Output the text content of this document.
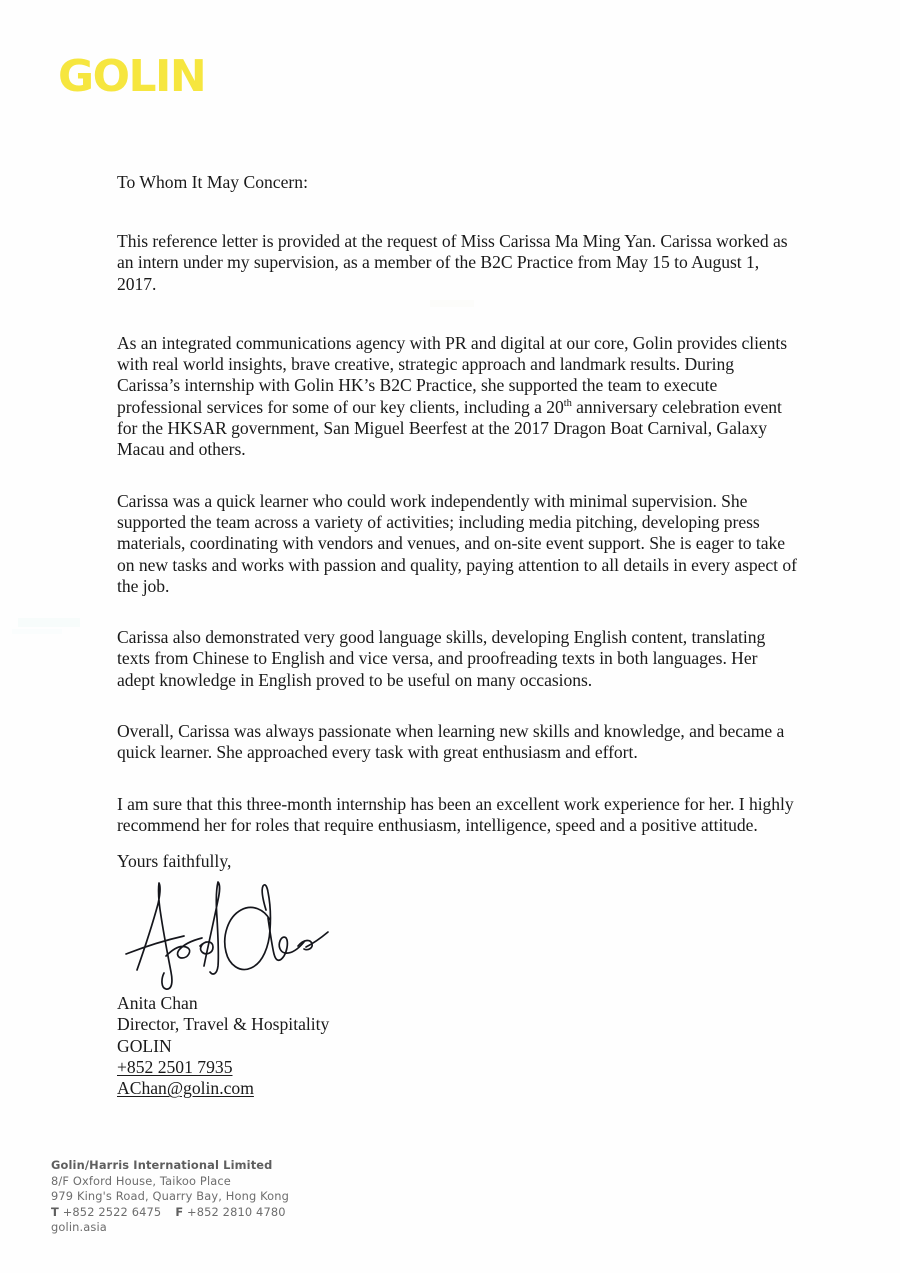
GOLIN

To Whom It May Concern:

This reference letter is provided at the request of Miss Carissa Ma Ming Yan. Carissa worked as an intern under my supervision, as a member of the B2C Practice from May 15 to August 1, 2017.

As an integrated communications agency with PR and digital at our core, Golin provides clients with real world insights, brave creative, strategic approach and landmark results. During Carissa’s internship with Golin HK’s B2C Practice, she supported the team to execute professional services for some of our key clients, including a 20th anniversary celebration event for the HKSAR government, San Miguel Beerfest at the 2017 Dragon Boat Carnival, Galaxy Macau and others.

Carissa was a quick learner who could work independently with minimal supervision. She supported the team across a variety of activities; including media pitching, developing press materials, coordinating with vendors and venues, and on-site event support. She is eager to take on new tasks and works with passion and quality, paying attention to all details in every aspect of the job.

Carissa also demonstrated very good language skills, developing English content, translating texts from Chinese to English and vice versa, and proofreading texts in both languages. Her adept knowledge in English proved to be useful on many occasions.

Overall, Carissa was always passionate when learning new skills and knowledge, and became a quick learner. She approached every task with great enthusiasm and effort.

I am sure that this three-month internship has been an excellent work experience for her. I highly recommend her for roles that require enthusiasm, intelligence, speed and a positive attitude.

Yours faithfully,
Anita Chan
Director, Travel & Hospitality
GOLIN
+852 2501 7935
AChan@golin.com
Golin/Harris International Limited
8/F Oxford House, Taikoo Place
979 King's Road, Quarry Bay, Hong Kong
T +852 2522 6475 F +852 2810 4780
golin.asia
